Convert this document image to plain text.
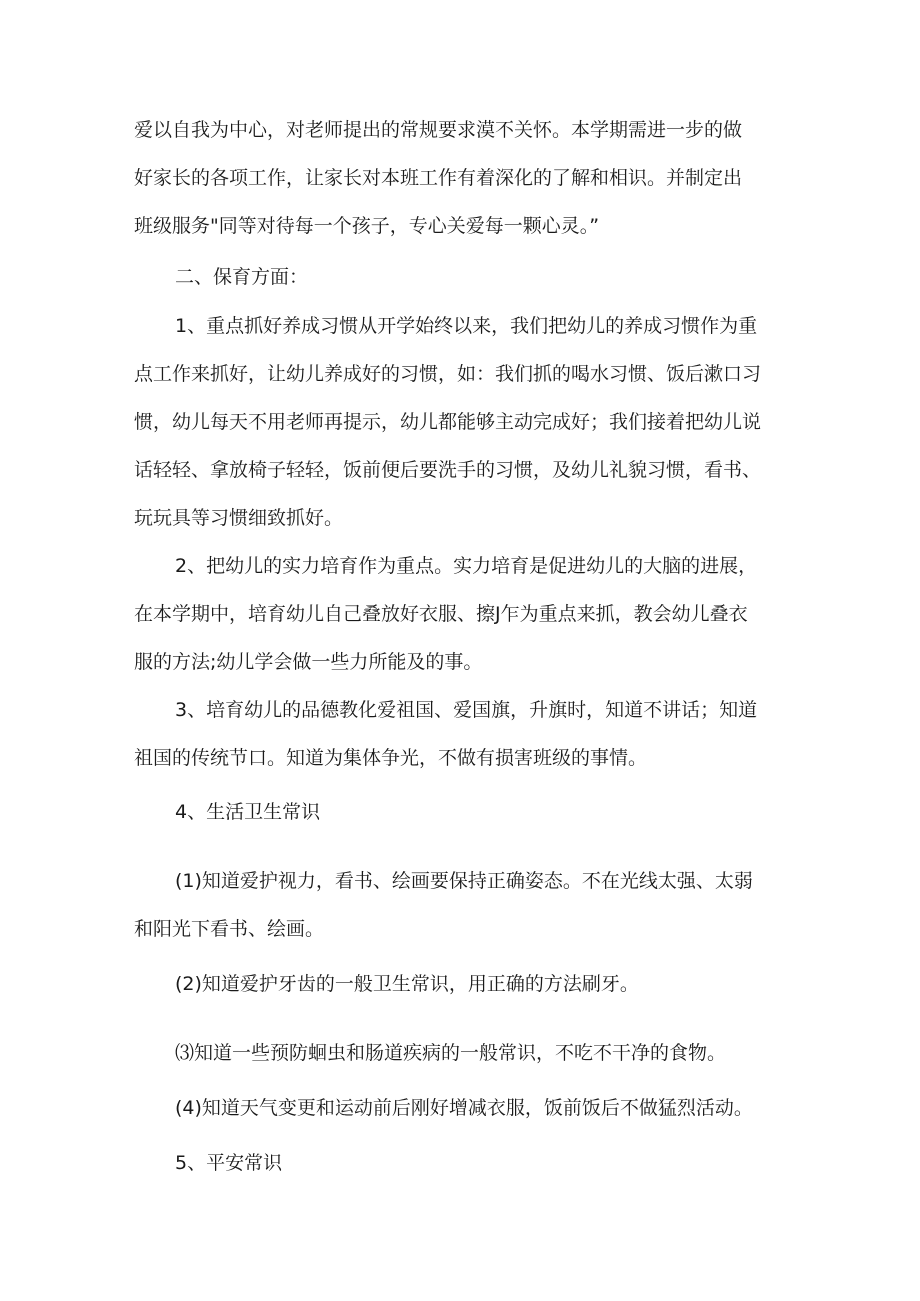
爱以自我为中心，对老师提出的常规要求漠不关怀。本学期需进一步的做
好家长的各项工作，让家长对本班工作有着深化的了解和相识。并制定出
班级服务"同等对待每一个孩子，专心关爱每一颗心灵。”
二、保育方面：
1、重点抓好养成习惯从开学始终以来，我们把幼儿的养成习惯作为重
点工作来抓好，让幼儿养成好的习惯，如：我们抓的喝水习惯、饭后漱口习
惯，幼儿每天不用老师再提示，幼儿都能够主动完成好；我们接着把幼儿说
话轻轻、拿放椅子轻轻，饭前便后要洗手的习惯，及幼儿礼貌习惯，看书、
玩玩具等习惯细致抓好。
2、把幼儿的实力培育作为重点。实力培育是促进幼儿的大脑的进展，
在本学期中，培育幼儿自己叠放好衣服、擦J乍为重点来抓，教会幼儿叠衣
服的方法;幼儿学会做一些力所能及的事。
3、培育幼儿的品德教化爱祖国、爱国旗，升旗时，知道不讲话；知道
祖国的传统节口。知道为集体争光，不做有损害班级的事情。
4、生活卫生常识
(1)知道爱护视力，看书、绘画要保持正确姿态。不在光线太强、太弱
和阳光下看书、绘画。
(2)知道爱护牙齿的一般卫生常识，用正确的方法刷牙。
⑶知道一些预防蛔虫和肠道疾病的一般常识，不吃不干净的食物。
(4)知道天气变更和运动前后刚好增减衣服，饭前饭后不做猛烈活动。
5、平安常识
